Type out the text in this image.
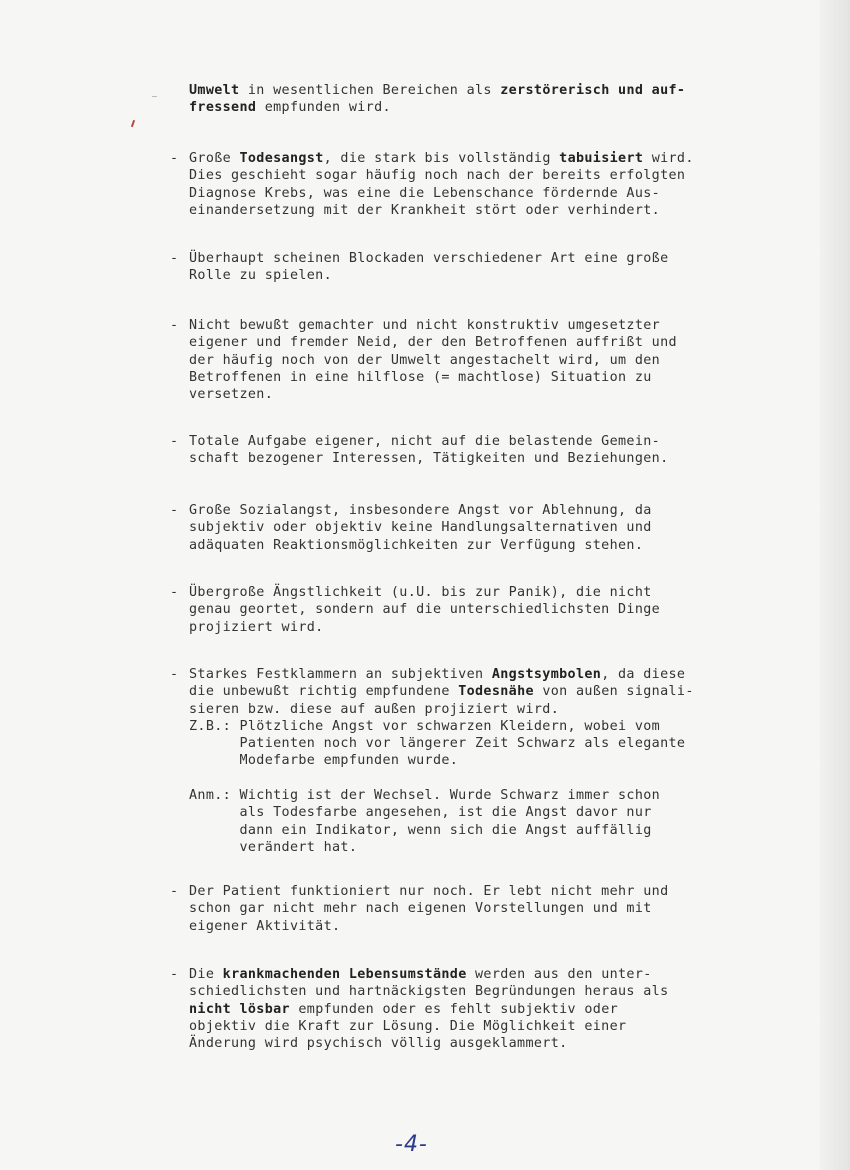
Umwelt in wesentlichen Bereichen als zerstörerisch und auf-
fressend empfunden wird.
- Große Todesangst, die stark bis vollständig tabuisiert wird.
Dies geschieht sogar häufig noch nach der bereits erfolgten
Diagnose Krebs, was eine die Lebenschance fördernde Aus-
einandersetzung mit der Krankheit stört oder verhindert.
- Überhaupt scheinen Blockaden verschiedener Art eine große
Rolle zu spielen.
- Nicht bewußt gemachter und nicht konstruktiv umgesetzter
eigener und fremder Neid, der den Betroffenen auffrißt und
der häufig noch von der Umwelt angestachelt wird, um den
Betroffenen in eine hilflose (= machtlose) Situation zu
versetzen.
- Totale Aufgabe eigener, nicht auf die belastende Gemein-
schaft bezogener Interessen, Tätigkeiten und Beziehungen.
- Große Sozialangst, insbesondere Angst vor Ablehnung, da
subjektiv oder objektiv keine Handlungsalternativen und
adäquaten Reaktionsmöglichkeiten zur Verfügung stehen.
- Übergroße Ängstlichkeit (u.U. bis zur Panik), die nicht
genau geortet, sondern auf die unterschiedlichsten Dinge
projiziert wird.
- Starkes Festklammern an subjektiven Angstsymbolen, da diese
die unbewußt richtig empfundene Todesnähe von außen signali-
sieren bzw. diese auf außen projiziert wird.
Z.B.: Plötzliche Angst vor schwarzen Kleidern, wobei vom
Patienten noch vor längerer Zeit Schwarz als elegante
Modefarbe empfunden wurde.
Anm.: Wichtig ist der Wechsel. Wurde Schwarz immer schon
als Todesfarbe angesehen, ist die Angst davor nur
dann ein Indikator, wenn sich die Angst auffällig
verändert hat.
- Der Patient funktioniert nur noch. Er lebt nicht mehr und
schon gar nicht mehr nach eigenen Vorstellungen und mit
eigener Aktivität.
- Die krankmachenden Lebensumstände werden aus den unter-
schiedlichsten und hartnäckigsten Begründungen heraus als
nicht lösbar empfunden oder es fehlt subjektiv oder
objektiv die Kraft zur Lösung. Die Möglichkeit einer
Änderung wird psychisch völlig ausgeklammert.
-4-
